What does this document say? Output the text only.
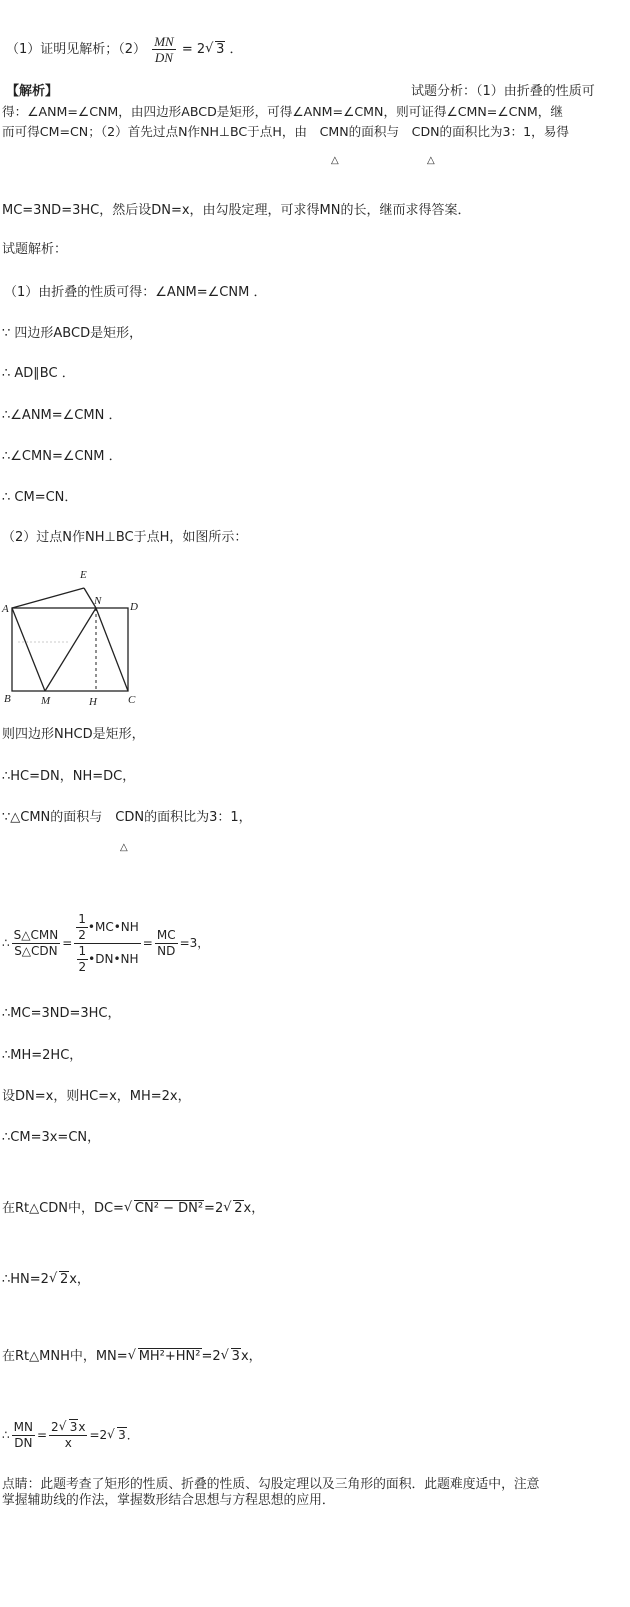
（1）证明见解析；$(2) \frac{MN}{DN} = 2√$ 3 ．
【解析】	试题分析：（1）由折叠的性质可
得：∠ANM=∠CNM，由四边形ABCD是矩形，可得∠ANM=∠CMN，则可证得∠CMN=∠CNM，继
而可得CM=CN；（2）首先过点N作NH⊥BC于点H，由　CMN的面积与　CDN的面积比为3：1，易得
△	△
MC=3ND=3HC，然后设DN=x，由勾股定理，可求得MN的长，继而求得答案．
试题解析：
（1）由折叠的性质可得：∠ANM=∠CNM ．
∵ 四边形ABCD是矩形，
∴ AD∥BC ．
∴∠ANM=∠CMN ．
∴∠CMN=∠CNM ．
∴ CM=CN．
（2）过点N作NH⊥BC于点H，如图所示：
A
E
N	D
B	M	H	C
则四边形NHCD是矩形，
∴HC=DN，NH=DC，
∵△CMN的面积与　CDN的面积比为3：1，
△
∴ $\frac{\text{S△CMN}}{\text{S△CDN}} = \frac{\frac{1}{2} •MC•NH}{\frac{1}{2} •DN•NH} = \frac{MC}{ND} =3$，
∴MC=3ND=3HC，
∴MH=2HC，
设DN=x，则HC=x，MH=2x，
∴CM=3x=CN，
在Rt△CDN中，DC=√ CN² − DN²=2√ 2x，
∴HN=2√ 2x，
在Rt△MNH中，MN=√ MH²+HN²=2√ 3x，
∴ $\frac{MN}{DN} = \frac{2√ 3x}{x} =2√$ 3．
点睛：此题考查了矩形的性质、折叠的性质、勾股定理以及三角形的面积．此题难度适中，注意
掌握辅助线的作法，掌握数形结合思想与方程思想的应用．
